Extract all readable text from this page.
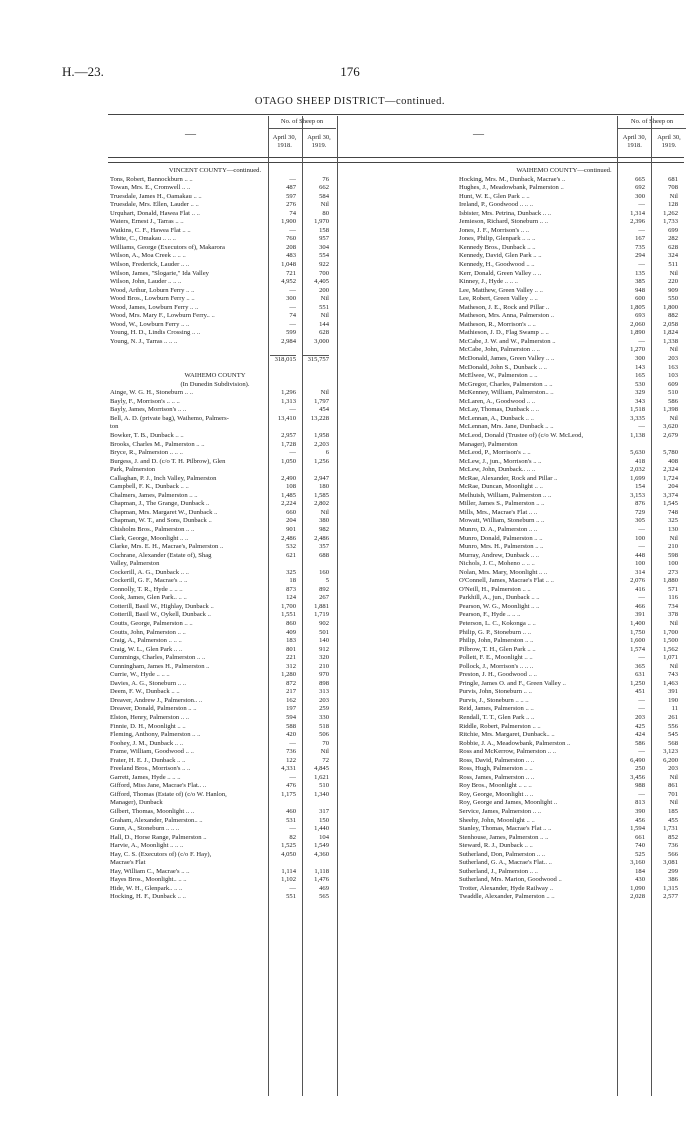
H.—23.	176
OTAGO SHEEP DISTRICT—continued.
—
No. of Sheep on
April 30, 1918.
April 30, 1919.
—
No. of Sheep on
April 30, 1918.
April 30, 1919.
VINCENT COUNTY—continued.
Tons, Robert, Bannockburn .. ..	—	76
Towan, Mrs. E., Cromwell .. ..	487	662
Truesdale, James H., Oamakau .. ..	597	584
Truesdale, Mrs. Ellen, Lauder .. ..	276	Nil
Urquhart, Donald, Hawea Flat .. ..	74	80
Waters, Ernest J., Tarras .. ..	1,900	1,970
Watkins, C. F., Hawea Flat .. ..	—	158
White, C., Omakau .. .. ..	760	957
Williams, George (Executors of), Makarora	208	304
Wilson, A., Moa Creek .. .. ..	483	554
Wilson, Frederick, Lauder .. ..	1,048	922
Wilson, James, "Slogarie," Ida Valley	721	700
Wilson, John, Lauder .. .. ..	4,952	4,405
Wood, Arthur, Loburn Ferry .. ..	—	200
Wood Bros., Lowburn Ferry .. ..	300	Nil
Wood, James, Lowburn Ferry .. ..	—	551
Wood, Mrs. Mary F., Lowburn Ferry.. ..	74	Nil
Wood, W., Lowburn Ferry .. ..	—	144
Young, H. D., Lindis Crossing .. ..	599	628
Young, N. J., Tarras .. .. ..	2,984	3,000
318,015	315,757
WAIHEMO COUNTY
(In Dunedin Subdivision).
Ainge, W. G. H., Stoneburn .. ..	1,296	Nil
Bayly, F., Morrison's .. .. ..	1,313	1,797
Bayly, James, Morrison's .. ..	—	454
Bell, A. D. (private bag), Waihemo, Palmers-	13,410	13,228
ton
Bowker, T. B., Dunback .. ..	2,957	1,958
Brooks, Charles M., Palmerston .. ..	1,728	2,203
Bryce, R., Palmerston .. .. ..	—	6
Burgess, J. and D. (c/o T. H. Pilbrow), Glen	1,050	1,256
Park, Palmerston
Callaghan, P. J., Inch Valley, Palmerston	2,490	2,947
Campbell, F. K., Dunback .. ..	108	180
Chalmers, James, Palmerston .. ..	1,485	1,585
Chapman, J., The Grange, Dunback ..	2,224	2,802
Chapman, Mrs. Margaret W., Dunback ..	660	Nil
Chapman, W. T., and Sons, Dunback ..	204	380
Chisholm Bros., Palmerston .. ..	901	982
Clark, George, Moonlight .. ..	2,486	2,486
Clarke, Mrs. E. H., Macrae's, Palmerston ..	532	357
Cochrane, Alexander (Estate of), Shag	621	688
Valley, Palmerston
Cockerill, A. G., Dunback .. ..	325	160
Cockerill, G. F., Macrae's .. ..	18	5
Connolly, T. R., Hyde .. .. ..	873	892
Cook, James, Glen Park.. .. ..	124	267
Cotterill, Basil W., Highlay, Dunback ..	1,700	1,881
Cotterill, Basil W., Oykell, Dunback ..	1,551	1,719
Coutts, George, Palmerston .. ..	860	902
Coutts, John, Palmerston .. ..	409	501
Craig, A., Palmerston .. .. ..	183	140
Craig, W. L., Glen Park .. ..	801	912
Cummings, Charles, Palmerston .. ..	221	320
Cunningham, James H., Palmerston ..	312	210
Currie, W., Hyde .. .. ..	1,280	970
Davies, A. G., Stoneburn .. ..	872	898
Deem, F. W., Dunback .. ..	217	313
Dreaver, Andrew J., Palmerston.. ..	162	203
Dreaver, Donald, Palmerston .. ..	197	259
Elston, Henry, Palmerston .. ..	594	330
Finnie, D. H., Moonlight .. ..	588	518
Fleming, Anthony, Palmerston .. ..	420	506
Foohey, J. M., Dunback .. ..	—	70
Frame, William, Goodwood .. ..	736	Nil
Frater, H. E. J., Dunback .. ..	122	72
Freeland Bros., Morrison's .. ..	4,331	4,845
Garrett, James, Hyde .. .. ..	—	1,621
Gifford, Miss Jane, Macrae's Flat.. ..	476	510
Gifford, Thomas (Estate of) (c/o W. Hanlon,	1,175	1,340
Manager), Dunback
Gilbert, Thomas, Moonlight .. ..	460	317
Graham, Alexander, Palmerston.. ..	531	150
Gunn, A., Stoneburn .. .. ..	—	1,440
Hall, D., Horse Range, Palmerston ..	82	104
Harvie, A., Moonlight .. .. ..	1,525	1,549
Hay, C. S. (Executors of) (c/o F. Hay),	4,050	4,360
Macrae's Flat
Hay, William C., Macrae's .. ..	1,114	1,118
Hayes Bros., Moonlight.. .. ..	1,102	1,476
Hide, W. H., Glenpark.. .. ..	—	469
Hocking, H. F., Dunback .. ..	551	565
WAIHEMO COUNTY—continued.
Hocking, Mrs. M., Dunback, Macrae's ..	665	681
Hughes, J., Meadowbank, Palmerston ..	692	708
Hunt, W. E., Glen Park .. ..	300	Nil
Ireland, P., Goodwood .. .. ..	—	128
Isbister, Mrs. Petrina, Dunback .. ..	1,314	1,262
Jemieson, Richard, Stoneburn .. ..	2,396	1,733
Jones, J. F., Morrison's .. ..	—	699
Jones, Philip, Glenpark .. .. ..	167	282
Kennedy Bros., Dunback .. ..	735	628
Kennedy, David, Glen Park .. ..	294	324
Kennedy, H., Goodwood .. ..	—	511
Kerr, Donald, Green Valley .. ..	135	Nil
Kinney, J., Hyde .. .. ..	385	220
Lee, Matthew, Green Valley .. ..	948	909
Lee, Robert, Green Valley .. ..	600	550
Matheson, J. E., Rock and Pillar ..	1,805	1,800
Matheson, Mrs. Anna, Palmerston ..	693	882
Matheson, R., Morrison's .. ..	2,060	2,058
Mathieson, J. D., Flag Swamp .. ..	1,890	1,824
McCabe, J. W. and W., Palmerston ..	—	1,338
McCabe, John, Palmerston .. ..	1,270	Nil
McDonald, James, Green Valley .. ..	300	203
McDonald, John S., Dunback .. ..	143	163
McElwee, W., Palmerston .. ..	165	103
McGregor, Charles, Palmerston .. ..	530	609
McKenney, William, Palmerston.. ..	329	510
McLaren, A., Goodwood .. ..	343	586
McLay, Thomas, Dunback .. ..	1,518	1,398
McLennan, A., Dunback .. ..	3,335	Nil
McLennan, Mrs. Jane, Dunback .. ..	—	3,620
McLeod, Donald (Trustee of) (c/o W. McLeod,	1,138	2,679
Manager), Palmerston
McLeod, P., Morrison's .. ..	5,630	5,780
McLew, J., jun., Morrison's .. ..	418	408
McLew, John, Dunback.. .. ..	2,032	2,324
McRae, Alexander, Rock and Pillar ..	1,699	1,724
McRae, Duncan, Moonlight .. ..	154	204
Melhuish, William, Palmerston .. ..	3,153	3,374
Miller, James S., Palmerston .. ..	876	1,545
Mills, Mrs., Macrae's Flat .. ..	729	748
Mowatt, William, Stoneburn .. ..	305	325
Munro, D. A., Palmerston .. ..	—	130
Munro, Donald, Palmerston .. ..	100	Nil
Munro, Mrs. H., Palmerston .. ..	—	210
Murray, Andrew, Dunback .. ..	448	598
Nichols, J. C., Moheno .. .. ..	100	100
Nolan, Mrs. Mary, Moonlight .. ..	314	273
O'Connell, James, Macrae's Flat .. ..	2,076	1,880
O'Neill, H., Palmerston .. ..	416	571
Parkhill, A., jun., Dunback .. ..	—	116
Pearson, W. G., Moonlight .. ..	466	734
Pearson, F., Hyde .. .. ..	391	378
Peterson, L. C., Kokonga .. ..	1,400	Nil
Philip, G. P., Stoneburn .. ..	1,750	1,700
Philip, John, Palmerston .. ..	1,600	1,500
Pilbrow, T. H., Glen Park .. ..	1,574	1,562
Pollett, F. E., Moonlight .. ..	—	1,071
Pollock, J., Morrison's .. .. ..	365	Nil
Preston, J. H., Goodwood .. ..	631	743
Pringle, James O. and F., Green Valley ..	1,250	1,463
Purvis, John, Stoneburn .. ..	451	391
Purvis, J., Stoneburn .. .. ..	—	190
Reid, James, Palmerston .. ..	—	11
Rendall, T. T., Glen Park .. ..	203	261
Riddle, Robert, Palmerston .. ..	425	556
Ritchie, Mrs. Margaret, Dunback.. ..	424	545
Robbie, J. A., Meadowbank, Palmerston ..	586	568
Ross and McKerrow, Palmerston .. ..	—	3,123
Ross, David, Palmerston .. ..	6,490	6,200
Ross, Hugh, Palmerston .. ..	250	203
Ross, James, Palmerston .. ..	3,456	Nil
Roy Bros., Moonlight .. .. ..	988	861
Roy, George, Moonlight .. ..	—	701
Roy, George and James, Moonlight ..	813	Nil
Service, James, Palmerston .. ..	390	185
Sheehy, John, Moonlight .. ..	456	455
Stanley, Thomas, Macrae's Flat .. ..	1,594	1,731
Stenhouse, James, Palmerston .. ..	661	852
Steward, R. J., Dunback .. ..	740	736
Sutherland, Don, Palmerston .. ..	525	566
Sutherland, G. A., Macrae's Flat.. ..	3,160	3,081
Sutherland, J., Palmerston .. ..	184	299
Sutherland, Mrs. Marion, Goodwood ..	430	386
Trotter, Alexander, Hyde Railway ..	1,090	1,315
Twaddle, Alexander, Palmerston .. ..	2,028	2,577
